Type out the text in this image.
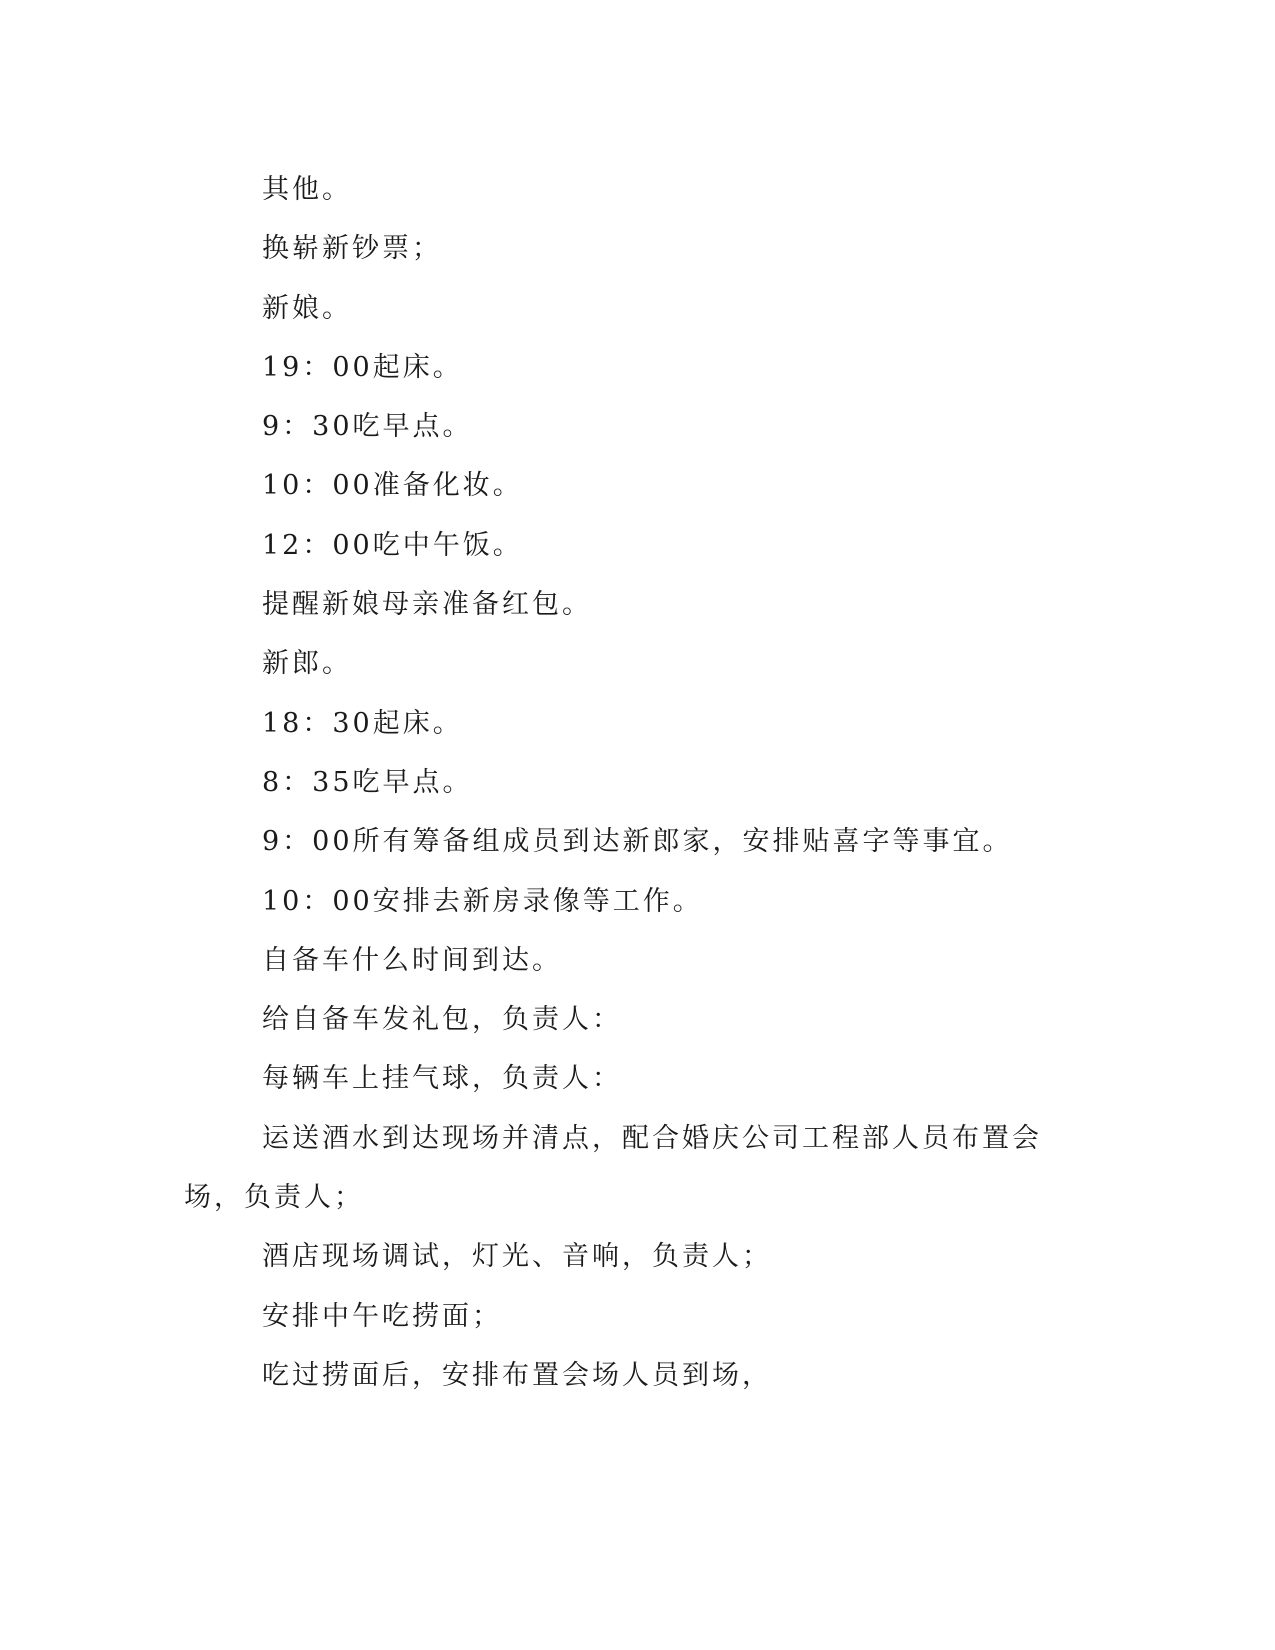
其他。

换崭新钞票；

新娘。

19：00起床。

9：30吃早点。

10：00准备化妆。

12：00吃中午饭。

提醒新娘母亲准备红包。

新郎。

18：30起床。

8：35吃早点。

9：00所有筹备组成员到达新郎家，安排贴喜字等事宜。

10：00安排去新房录像等工作。

自备车什么时间到达。

给自备车发礼包，负责人：

每辆车上挂气球，负责人：

运送酒水到达现场并清点，配合婚庆公司工程部人员布置会场，负责人；

酒店现场调试，灯光、音响，负责人；

安排中午吃捞面；

吃过捞面后，安排布置会场人员到场，
